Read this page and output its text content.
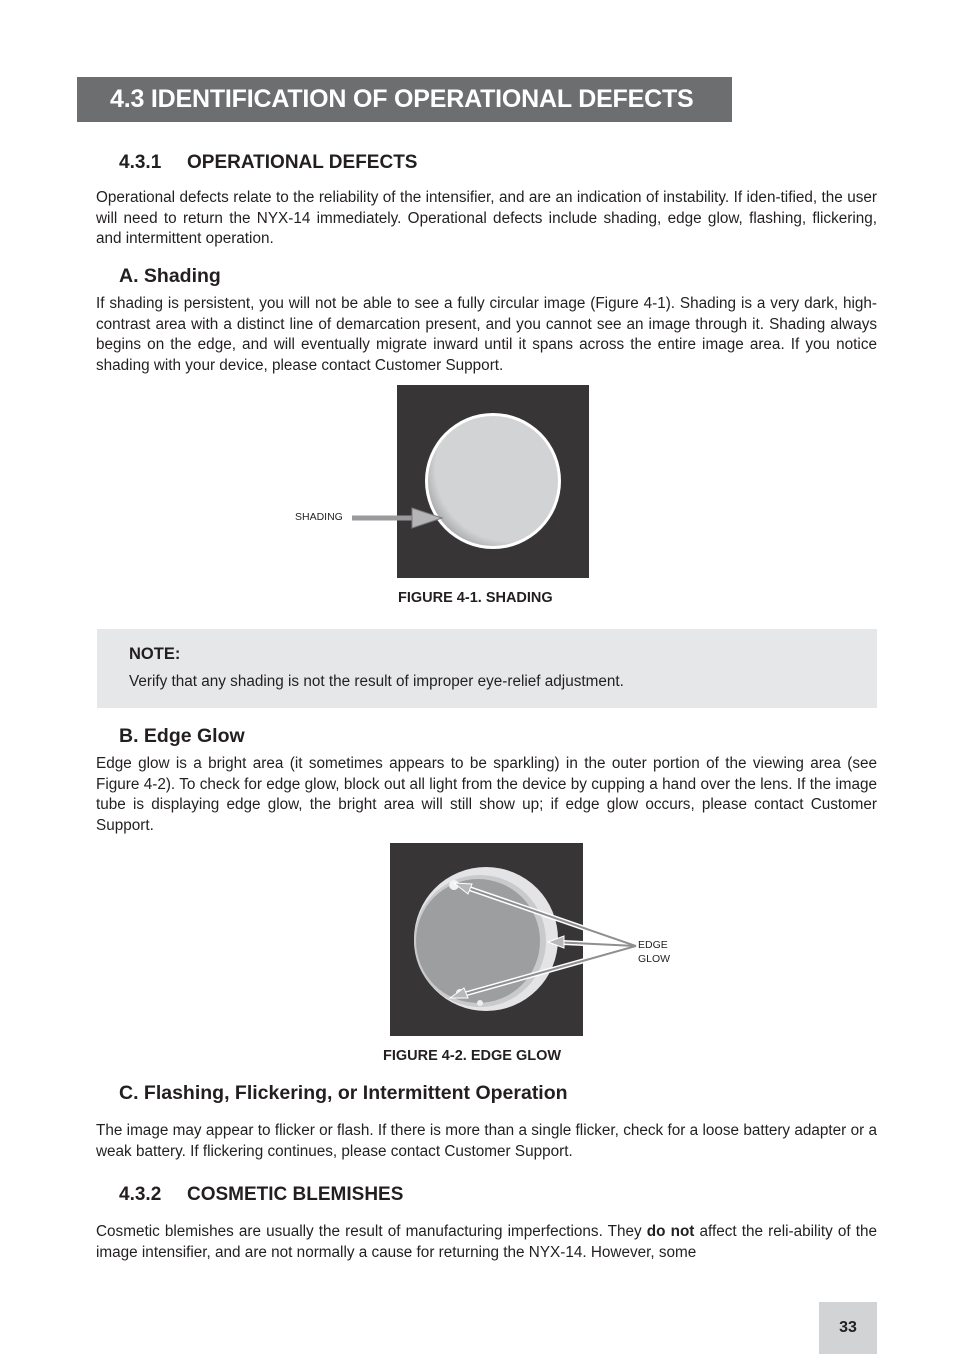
4.3 IDENTIFICATION OF OPERATIONAL DEFECTS
4.3.1 OPERATIONAL DEFECTS
Operational defects relate to the reliability of the intensifier, and are an indication of instability. If iden-tified, the user will need to return the NYX-14 immediately. Operational defects include shading, edge glow, flashing, flickering, and intermittent operation.
A. Shading
If shading is persistent, you will not be able to see a fully circular image (Figure 4-1). Shading is a very dark, high-contrast area with a distinct line of demarcation present, and you cannot see an image through it. Shading always begins on the edge, and will eventually migrate inward until it spans across the entire image area. If you notice shading with your device, please contact Customer Support.
SHADING
FIGURE 4-1. SHADING
NOTE:
Verify that any shading is not the result of improper eye-relief adjustment.
B. Edge Glow
Edge glow is a bright area (it sometimes appears to be sparkling) in the outer portion of the viewing area (see Figure 4-2). To check for edge glow, block out all light from the device by cupping a hand over the lens. If the image tube is displaying edge glow, the bright area will still show up; if edge glow occurs, please contact Customer Support.
EDGE
GLOW
FIGURE 4-2. EDGE GLOW
C. Flashing, Flickering, or Intermittent Operation
The image may appear to flicker or flash. If there is more than a single flicker, check for a loose battery adapter or a weak battery. If flickering continues, please contact Customer Support.
4.3.2 COSMETIC BLEMISHES
Cosmetic blemishes are usually the result of manufacturing imperfections. They do not affect the reli-ability of the image intensifier, and are not normally a cause for returning the NYX-14. However, some
33
